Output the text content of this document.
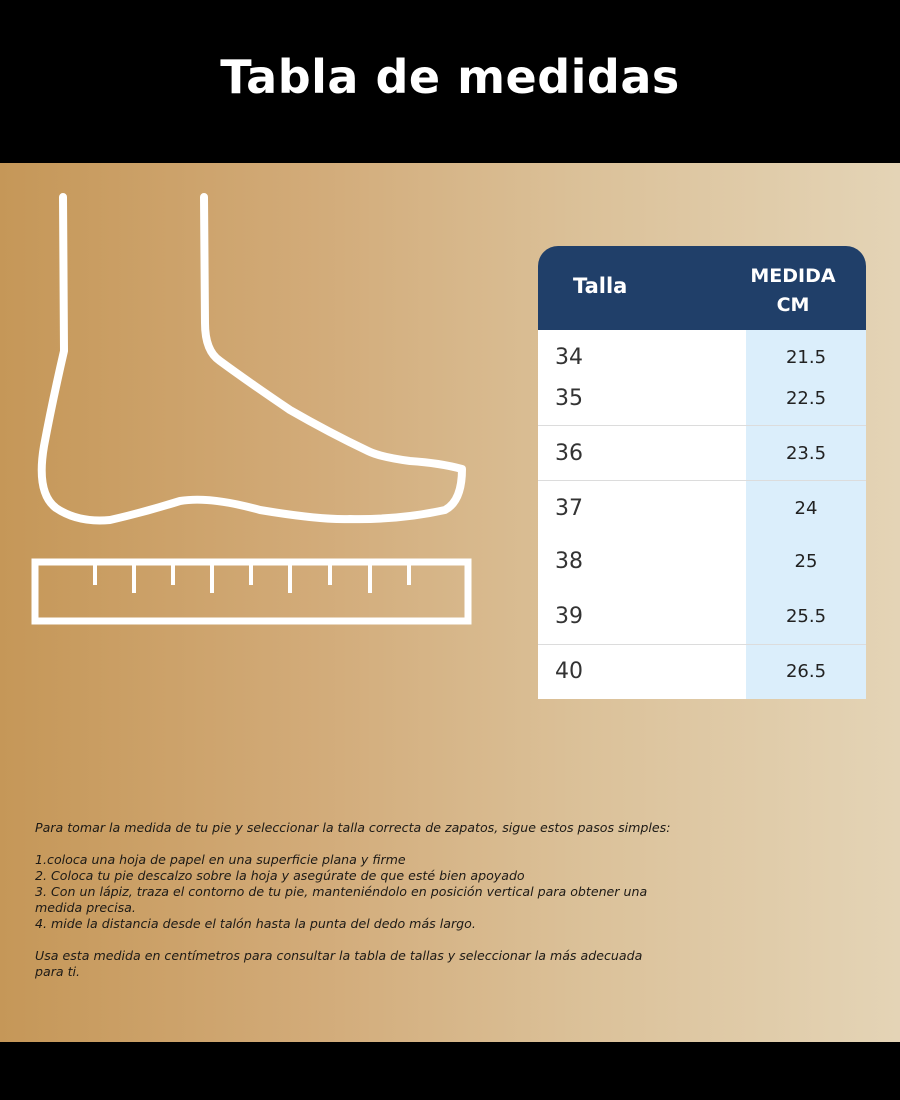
Tabla de medidas
Talla	MEDIDA
CM
34	21.5
35	22.5
36	23.5
37	24
38	25
39	25.5
40	26.5

Para tomar la medida de tu pie y seleccionar la talla correcta de zapatos, sigue estos pasos simples:

1.coloca una hoja de papel en una superficie plana y firme

2. Coloca tu pie descalzo sobre la hoja y asegúrate de que esté bien apoyado

3. Con un lápiz, traza el contorno de tu pie, manteniéndolo en posición vertical para obtener una

medida precisa.

4. mide la distancia desde el talón hasta la punta del dedo más largo.

Usa esta medida en centímetros para consultar la tabla de tallas y seleccionar la más adecuada

para ti.
